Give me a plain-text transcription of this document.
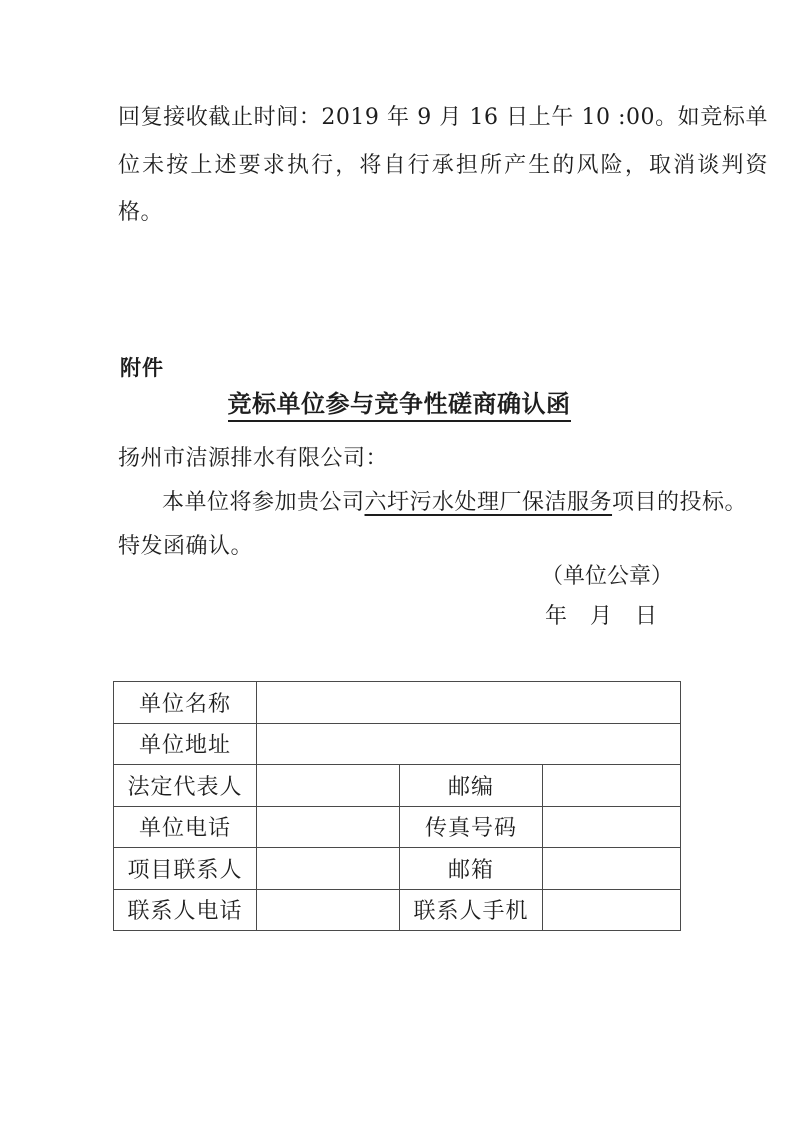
回复接收截止时间：2019 年 9 月 16 日上午 10 :00。如竞标单位未按上述要求执行，将自行承担所产生的风险，取消谈判资格。
附件
竞标单位参与竞争性磋商确认函
扬州市洁源排水有限公司：
本单位将参加贵公司六圩污水处理厂保洁服务项目的投标。
特发函确认。
（单位公章）
年 月 日
单位名称			
单位地址			
法定代表人		邮编	
单位电话		传真号码	
项目联系人		邮箱	
联系人电话		联系人手机	
